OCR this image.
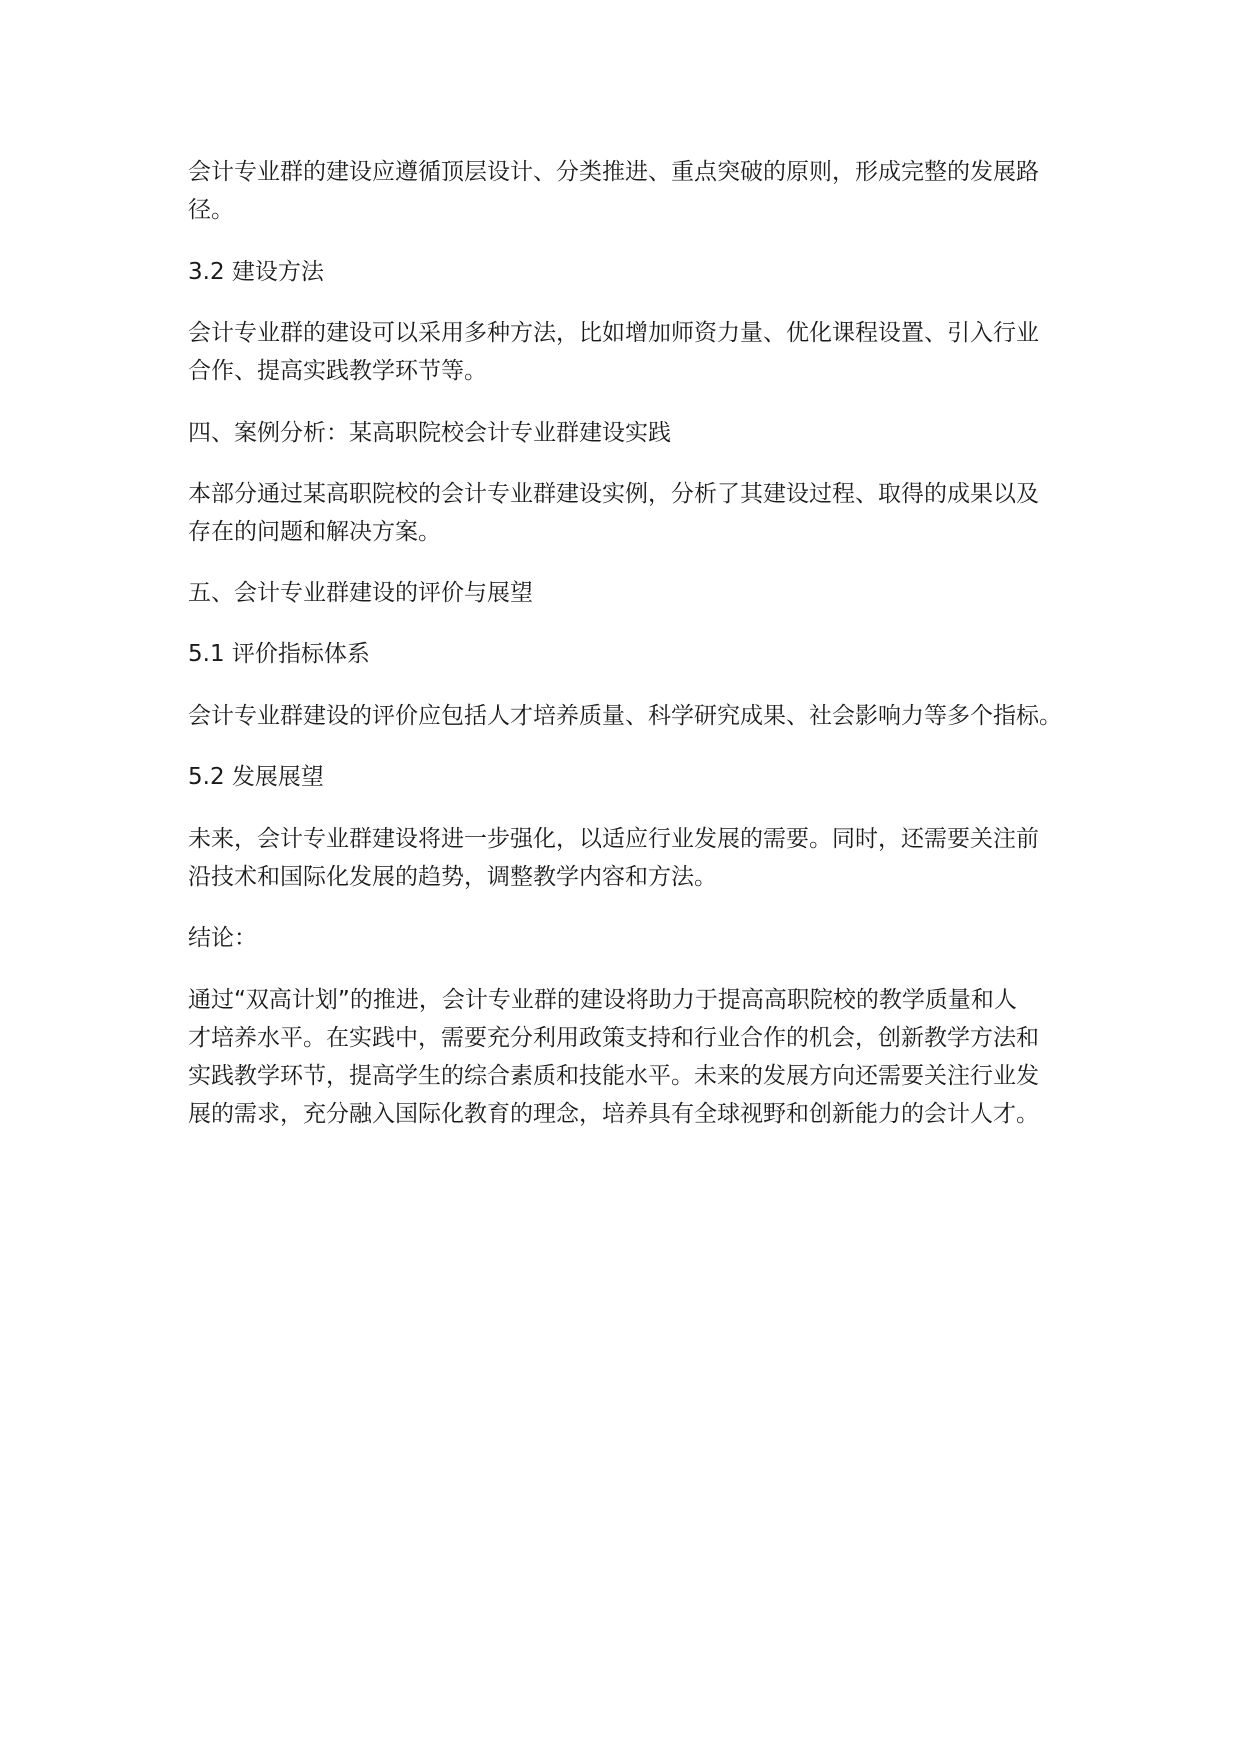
会计专业群的建设应遵循顶层设计、分类推进、重点突破的原则，形成完整的发展路
径。
3.2 建设方法
会计专业群的建设可以采用多种方法，比如增加师资力量、优化课程设置、引入行业
合作、提高实践教学环节等。
四、案例分析：某高职院校会计专业群建设实践
本部分通过某高职院校的会计专业群建设实例，分析了其建设过程、取得的成果以及
存在的问题和解决方案。
五、会计专业群建设的评价与展望
5.1 评价指标体系
会计专业群建设的评价应包括人才培养质量、科学研究成果、社会影响力等多个指标。
5.2 发展展望
未来，会计专业群建设将进一步强化，以适应行业发展的需要。同时，还需要关注前
沿技术和国际化发展的趋势，调整教学内容和方法。
结论：
通过“双高计划”的推进，会计专业群的建设将助力于提高高职院校的教学质量和人
才培养水平。在实践中，需要充分利用政策支持和行业合作的机会，创新教学方法和
实践教学环节，提高学生的综合素质和技能水平。未来的发展方向还需要关注行业发
展的需求，充分融入国际化教育的理念，培养具有全球视野和创新能力的会计人才。
